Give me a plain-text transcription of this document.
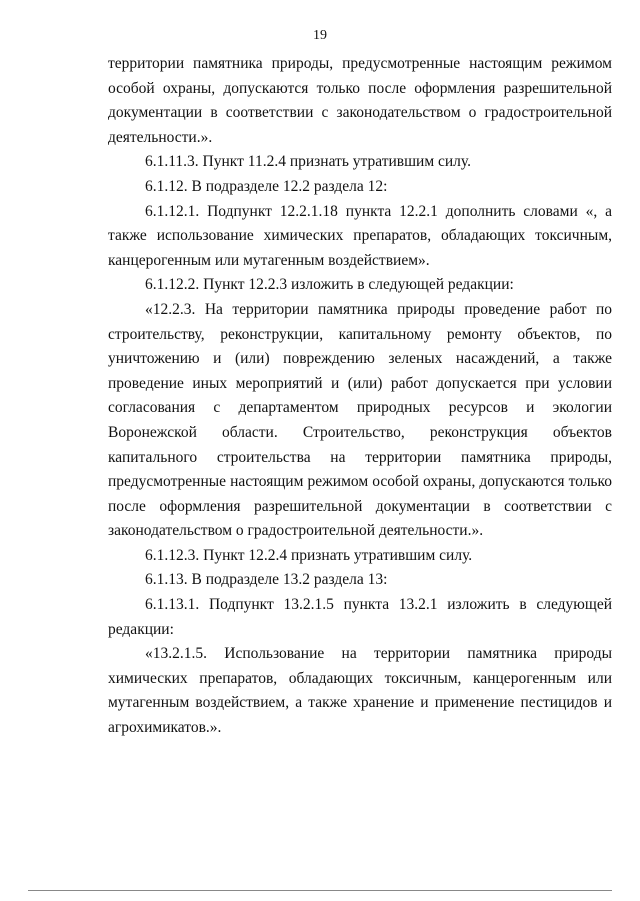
19

территории памятника природы, предусмотренные настоящим режимом особой охраны, допускаются только после оформления разрешительной документации в соответствии с законодательством о градостроительной деятельности.».

6.1.11.3. Пункт 11.2.4 признать утратившим силу.

6.1.12. В подразделе 12.2 раздела 12:

6.1.12.1. Подпункт 12.2.1.18 пункта 12.2.1 дополнить словами «, а также использование химических препаратов, обладающих токсичным, канцерогенным или мутагенным воздействием».

6.1.12.2. Пункт 12.2.3 изложить в следующей редакции:

«12.2.3. На территории памятника природы проведение работ по строительству, реконструкции, капитальному ремонту объектов, по уничтожению и (или) повреждению зеленых насаждений, а также проведение иных мероприятий и (или) работ допускается при условии согласования с департаментом природных ресурсов и экологии Воронежской области. Строительство, реконструкция объектов капитального строительства на территории памятника природы, предусмотренные настоящим режимом особой охраны, допускаются только после оформления разрешительной документации в соответствии с законодательством о градостроительной деятельности.».

6.1.12.3. Пункт 12.2.4 признать утратившим силу.

6.1.13. В подразделе 13.2 раздела 13:

6.1.13.1. Подпункт 13.2.1.5 пункта 13.2.1 изложить в следующей редакции:

«13.2.1.5. Использование на территории памятника природы химических препаратов, обладающих токсичным, канцерогенным или мутагенным воздействием, а также хранение и применение пестицидов и агрохимикатов.».
